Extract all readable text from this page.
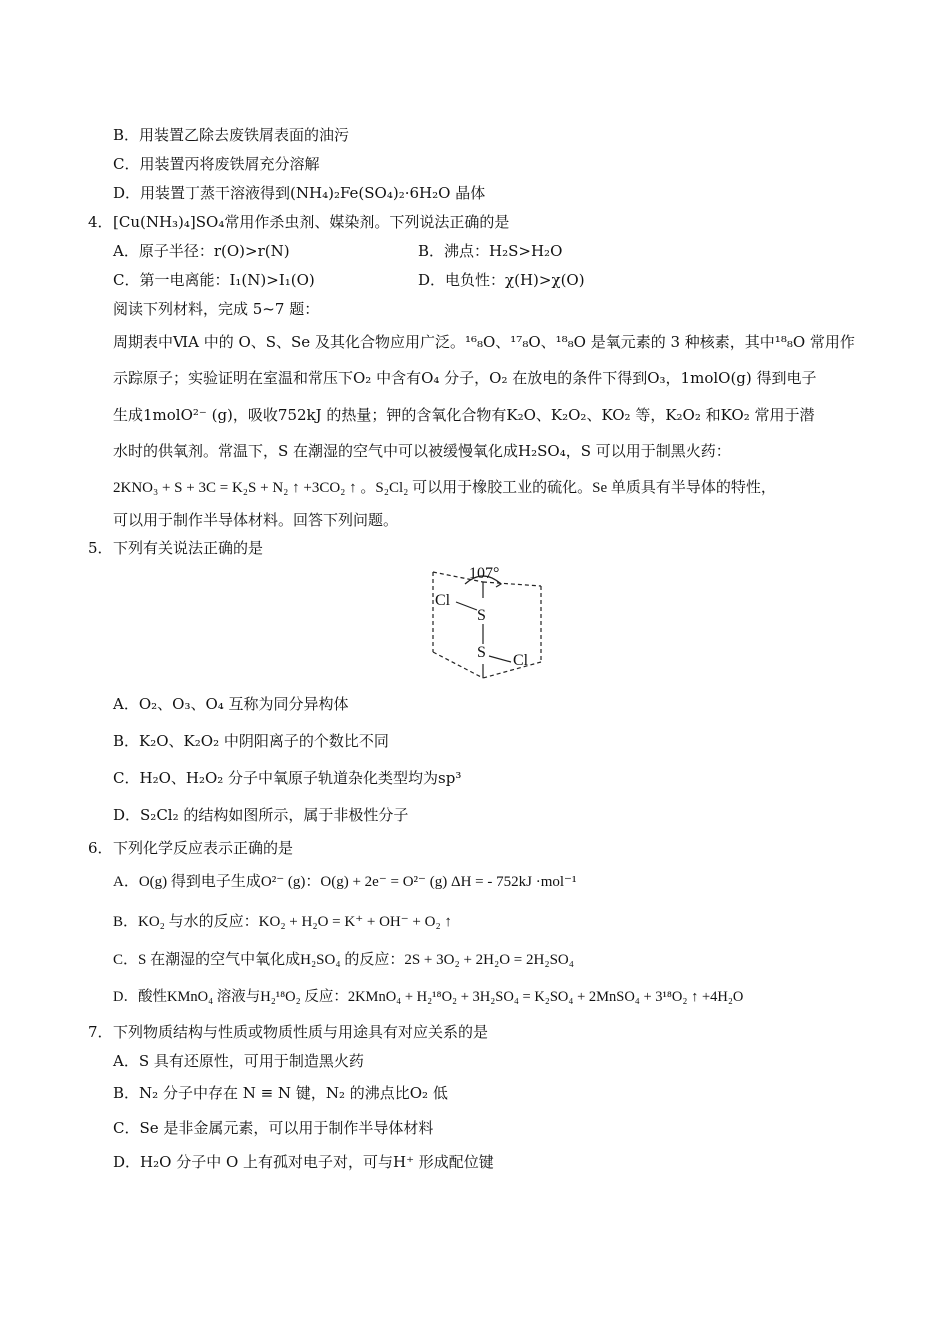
B．用装置乙除去废铁屑表面的油污
C．用装置丙将废铁屑充分溶解
D．用装置丁蒸干溶液得到(NH₄)₂Fe(SO₄)₂·6H₂O 晶体
4．[Cu(NH₃)₄]SO₄常用作杀虫剂、媒染剂。下列说法正确的是
A．原子半径：r(O)>r(N)	B．沸点：H₂S>H₂O
C．第一电离能：I₁(N)>I₁(O)	D．电负性：χ(H)>χ(O)
阅读下列材料，完成 5~7 题：
周期表中ⅥA 中的 O、S、Se 及其化合物应用广泛。¹⁶₈O、¹⁷₈O、¹⁸₈O 是氧元素的 3 种核素，其中¹⁸₈O 常用作
示踪原子；实验证明在室温和常压下O₂ 中含有O₄ 分子，O₂ 在放电的条件下得到O₃，1molO(g) 得到电子
生成1molO²⁻ (g)，吸收752kJ 的热量；钾的含氧化合物有K₂O、K₂O₂、KO₂ 等，K₂O₂ 和KO₂ 常用于潜
水时的供氧剂。常温下，S 在潮湿的空气中可以被缓慢氧化成H₂SO₄，S 可以用于制黑火药：
2KNO₃ + S + 3C = K₂S + N₂ ↑ +3CO₂ ↑ 。S₂Cl₂ 可以用于橡胶工业的硫化。Se 单质具有半导体的特性，
可以用于制作半导体材料。回答下列问题。
5．下列有关说法正确的是
107°
Cl
S
S Cl
A．O₂、O₃、O₄ 互称为同分异构体
B．K₂O、K₂O₂ 中阴阳离子的个数比不同
C．H₂O、H₂O₂ 分子中氧原子轨道杂化类型均为sp³
D．S₂Cl₂ 的结构如图所示，属于非极性分子
6．下列化学反应表示正确的是
A．O(g) 得到电子生成O²⁻ (g)：O(g) + 2e⁻ = O²⁻ (g) ΔH = - 752kJ ·mol⁻¹
B．KO₂ 与水的反应：KO₂ + H₂O = K⁺ + OH⁻ + O₂ ↑
C．S 在潮湿的空气中氧化成H₂SO₄ 的反应：2S + 3O₂ + 2H₂O = 2H₂SO₄
D．酸性KMnO₄ 溶液与H₂¹⁸O₂ 反应：2KMnO₄ + H₂¹⁸O₂ + 3H₂SO₄ = K₂SO₄ + 2MnSO₄ + 3¹⁸O₂ ↑ +4H₂O
7．下列物质结构与性质或物质性质与用途具有对应关系的是
A．S 具有还原性，可用于制造黑火药
B．N₂ 分子中存在 N ≡ N 键，N₂ 的沸点比O₂ 低
C．Se 是非金属元素，可以用于制作半导体材料
D．H₂O 分子中 O 上有孤对电子对，可与H⁺ 形成配位键
